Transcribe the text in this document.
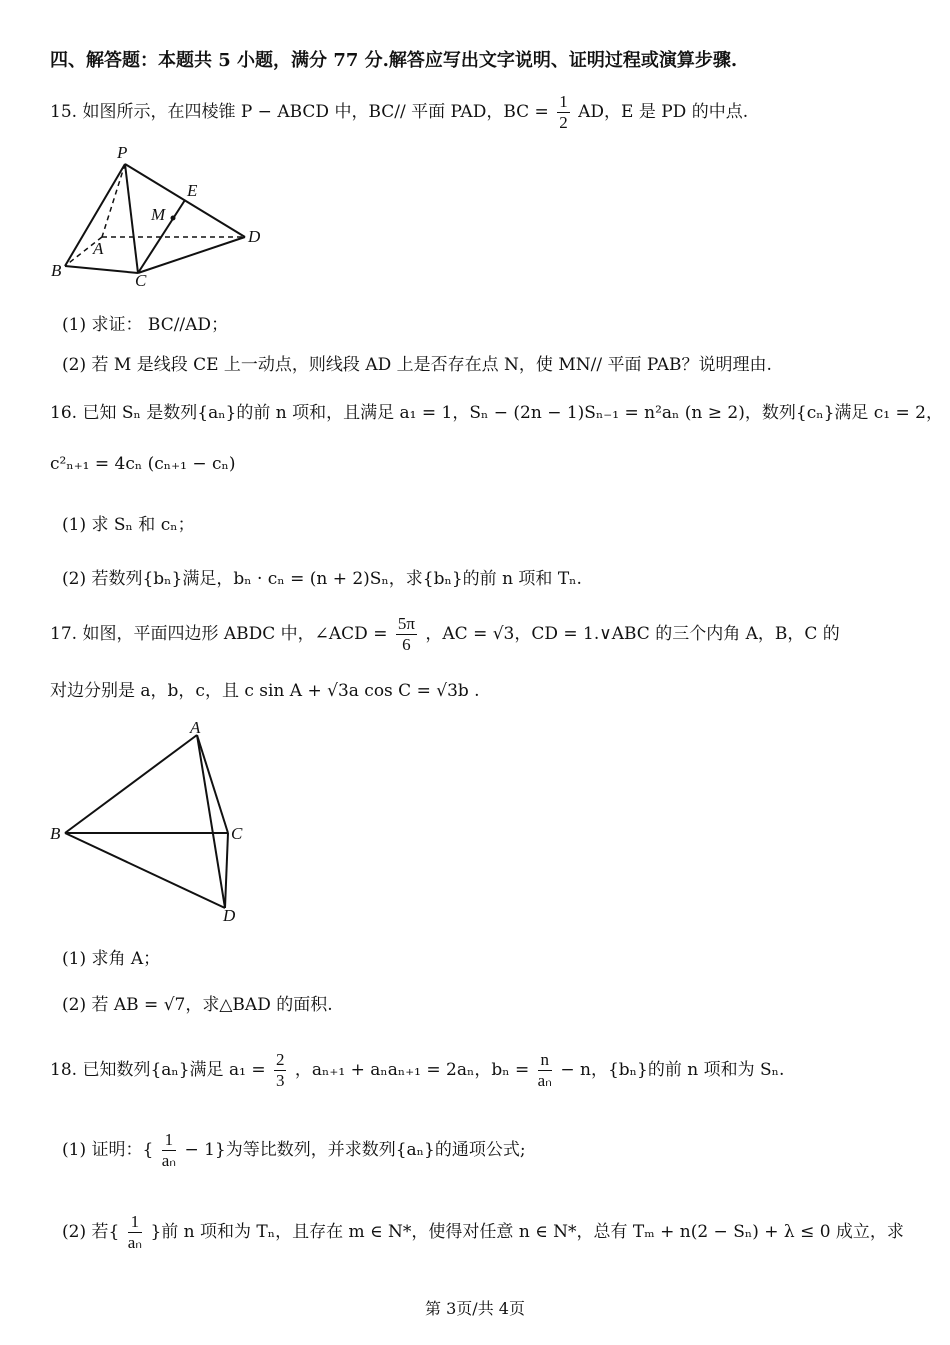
四、解答题：本题共 5 小题，满分 77 分.解答应写出文字说明、证明过程或演算步骤.
15. 如图所示，在四棱锥 P − ABCD 中，BC// 平面 PAD，BC = $\frac{1}{2}$ AD，E 是 PD 的中点.
P
E
M
A
D
B
C
(1) 求证： BC//AD；
(2) 若 M 是线段 CE 上一动点，则线段 AD 上是否存在点 N，使 MN// 平面 PAB？说明理由.
16. 已知 Sₙ 是数列{aₙ}的前 n 项和，且满足 a₁ = 1，Sₙ − (2n − 1)Sₙ₋₁ = n²aₙ (n ≥ 2)，数列{cₙ}满足 c₁ = 2，
c²ₙ₊₁ = 4cₙ (cₙ₊₁ − cₙ)
(1) 求 Sₙ 和 cₙ；
(2) 若数列{bₙ}满足，bₙ · cₙ = (n + 2)Sₙ，求{bₙ}的前 n 项和 Tₙ.
17. 如图，平面四边形 ABDC 中，∠ACD = $\frac{5\pi}{6}$ ，AC = √3，CD = 1.∨ABC 的三个内角 A，B，C 的
对边分别是 a，b，c，且 c sin A + √3a cos C = √3b .
A
B	C
D
(1) 求角 A；
(2) 若 AB = √7，求△BAD 的面积.
18. 已知数列{aₙ}满足 $a_1 = \frac{2}{3}$ ，aₙ₊₁ + aₙaₙ₊₁ = 2aₙ，$b_n = \frac{n}{\text{aₙ}} - n$，{bₙ}的前 n 项和为 Sₙ.
(1) 证明：{ $\frac{1}{\text{aₙ}} - 1$}为等比数列，并求数列{aₙ}的通项公式;
(2) 若{ $\frac{1}{\text{aₙ}}$ }前 n 项和为 Tₙ，且存在 m ∈ N*，使得对任意 n ∈ N*，总有 Tₘ + n(2 − Sₙ) + λ ≤ 0 成立，求
第 3页/共 4页
